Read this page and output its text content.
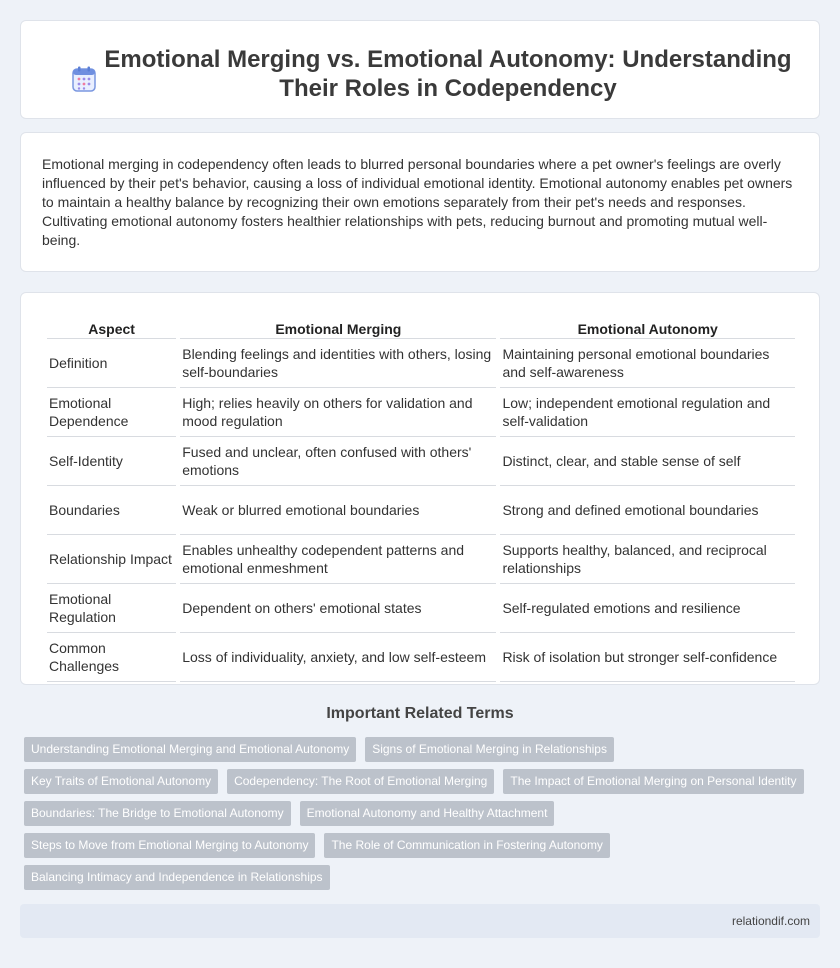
Emotional Merging vs. Emotional Autonomy: Understanding Their Roles in Codependency

Emotional merging in codependency often leads to blurred personal boundaries where a pet owner's feelings are overly influenced by their pet's behavior, causing a loss of individual emotional identity. Emotional autonomy enables pet owners to maintain a healthy balance by recognizing their own emotions separately from their pet's needs and responses. Cultivating emotional autonomy fosters healthier relationships with pets, reducing burnout and promoting mutual well-being.

Aspect	Emotional Merging	Emotional Autonomy
Definition	Blending feelings and identities with others, losing self-boundaries	Maintaining personal emotional boundaries and self-awareness
Emotional Dependence	High; relies heavily on others for validation and mood regulation	Low; independent emotional regulation and self-validation
Self-Identity	Fused and unclear, often confused with others' emotions	Distinct, clear, and stable sense of self
Boundaries	Weak or blurred emotional boundaries	Strong and defined emotional boundaries
Relationship Impact	Enables unhealthy codependent patterns and emotional enmeshment	Supports healthy, balanced, and reciprocal relationships
Emotional Regulation	Dependent on others' emotional states	Self-regulated emotions and resilience
Common Challenges	Loss of individuality, anxiety, and low self-esteem	Risk of isolation but stronger self-confidence
Important Related Terms
Understanding Emotional Merging and Emotional Autonomy	Signs of Emotional Merging in Relationships
Key Traits of Emotional Autonomy	Codependency: The Root of Emotional Merging	The Impact of Emotional Merging on Personal Identity
Boundaries: The Bridge to Emotional Autonomy	Emotional Autonomy and Healthy Attachment
Steps to Move from Emotional Merging to Autonomy	The Role of Communication in Fostering Autonomy
Balancing Intimacy and Independence in Relationships
relationdif.com
